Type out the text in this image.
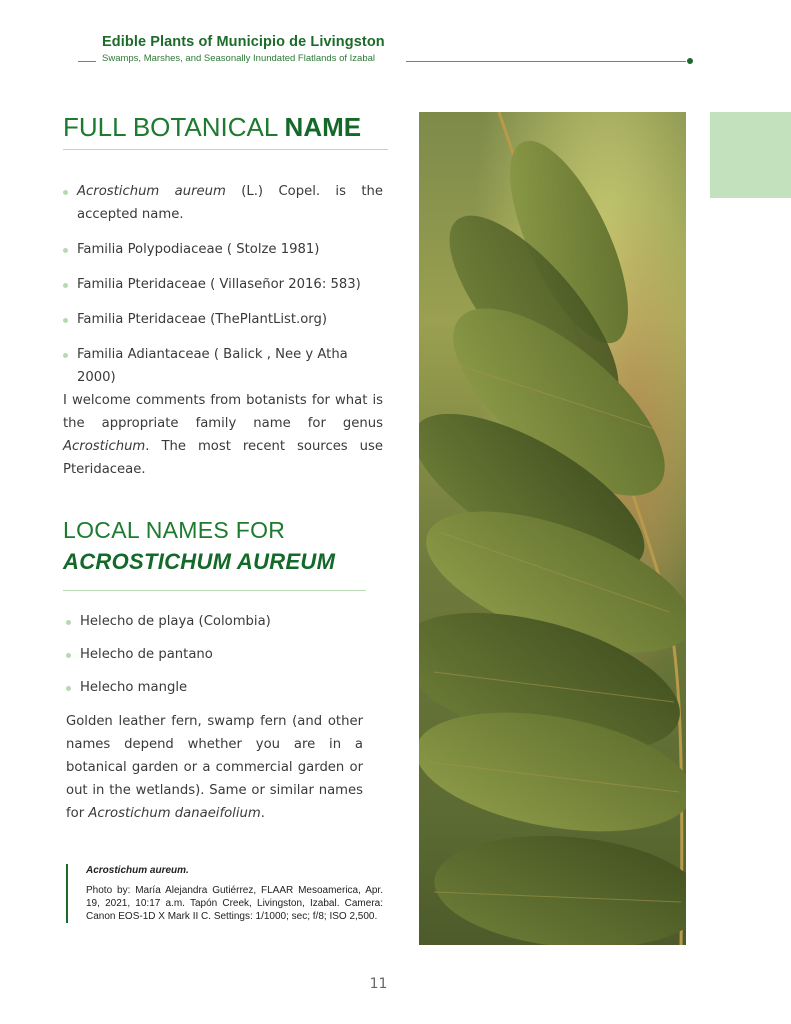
Edible Plants of Municipio de Livingston
Swamps, Marshes, and Seasonally Inundated Flatlands of Izabal
FULL BOTANICAL NAME
Acrostichum aureum (L.) Copel. is the accepted name.
Familia Polypodiaceae ( Stolze 1981)
Familia Pteridaceae ( Villaseñor 2016: 583)
Familia Pteridaceae (ThePlantList.org)
Familia Adiantaceae ( Balick , Nee y Atha 2000)

I welcome comments from botanists for what is the appropriate family name for genus Acrostichum. The most recent sources use Pteridaceae.

LOCAL NAMES FOR
ACROSTICHUM AUREUM
Helecho de playa (Colombia)
Helecho de pantano
Helecho mangle

Golden leather fern, swamp fern (and other names depend whether you are in a botanical garden or a commercial garden or out in the wetlands). Same or similar names for Acrostichum danaeifolium.

Acrostichum aureum.
Photo by: María Alejandra Gutiérrez, FLAAR Mesoamerica, Apr. 19, 2021, 10:17 a.m. Tapón Creek, Livingston, Izabal. Camera: Canon EOS-1D X Mark II C. Settings: 1/1000; sec; f/8; ISO 2,500.
11
